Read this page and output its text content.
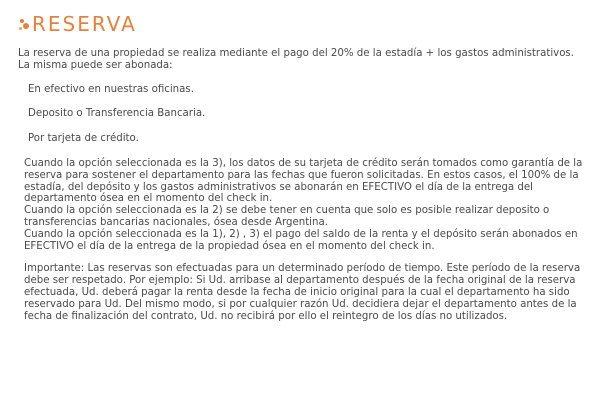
RESERVA

La reserva de una propiedad se realiza mediante el pago del 20% de la estadía + los gastos administrativos.

La misma puede ser abonada:

En efectivo en nuestras oficinas.
Deposito o Transferencia Bancaria.
Por tarjeta de crédito.

Cuando la opción seleccionada es la 3), los datos de su tarjeta de crédito serán tomados como garantía de la reserva para sostener el departamento para las fechas que fueron solicitadas. En estos casos, el 100% de la estadía, del depósito y los gastos administrativos se abonarán en EFECTIVO el día de la entrega del departamento ósea en el momento del check in.

Cuando la opción seleccionada es la 2) se debe tener en cuenta que solo es posible realizar deposito o transferencias bancarias nacionales, ósea desde Argentina.

Cuando la opción seleccionada es la 1), 2) , 3) el pago del saldo de la renta y el depósito serán abonados en EFECTIVO el día de la entrega de la propiedad ósea en el momento del check in.

Importante: Las reservas son efectuadas para un determinado período de tiempo. Este período de la reserva debe ser respetado. Por ejemplo: Si Ud. arribase al departamento después de la fecha original de la reserva efectuada, Ud. deberá pagar la renta desde la fecha de inicio original para la cual el departamento ha sido reservado para Ud. Del mismo modo, si por cualquier razón Ud. decidiera dejar el departamento antes de la fecha de finalización del contrato, Ud. no recibirá por ello el reintegro de los días no utilizados.
